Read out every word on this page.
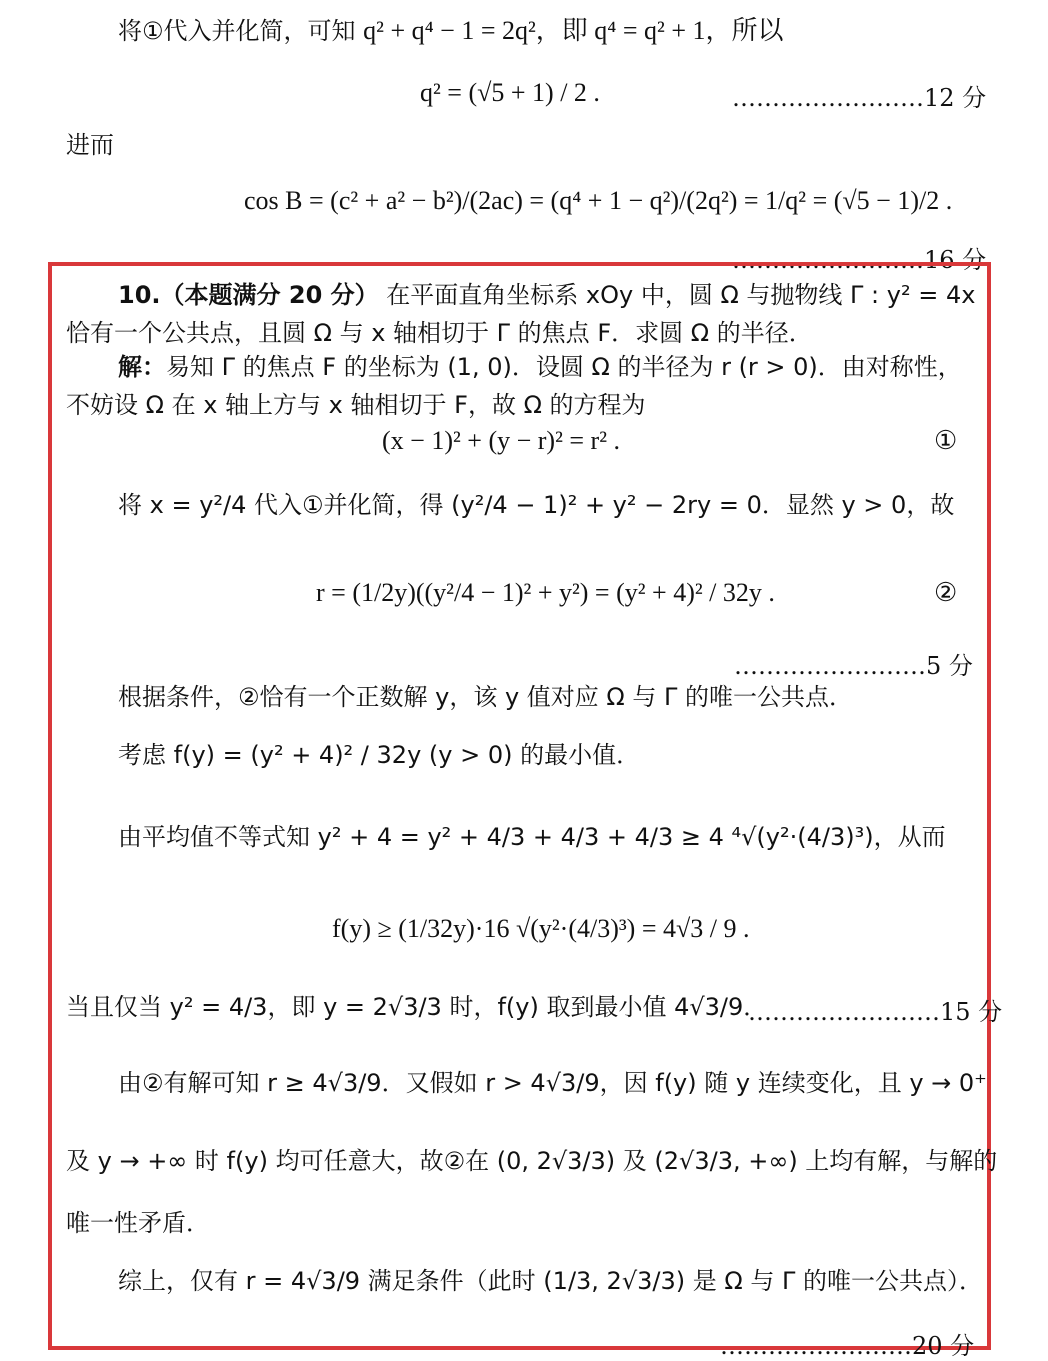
将①代入并化简，可知 q² + q⁴ − 1 = 2q²，即 q⁴ = q² + 1，所以
q² = (√5 + 1) / 2 .	……………………12 分
进而
cos B = (c² + a² − b²)/(2ac) = (q⁴ + 1 − q²)/(2q²) = 1/q² = (√5 − 1)/2 .
……………………16 分
10.（本题满分 20 分） 在平面直角坐标系 xOy 中，圆 Ω 与抛物线 Γ : y² = 4x
恰有一个公共点，且圆 Ω 与 x 轴相切于 Γ 的焦点 F．求圆 Ω 的半径．
解：易知 Γ 的焦点 F 的坐标为 (1, 0)．设圆 Ω 的半径为 r (r > 0)．由对称性，
不妨设 Ω 在 x 轴上方与 x 轴相切于 F，故 Ω 的方程为
(x − 1)² + (y − r)² = r² .	①
将 x = y²/4 代入①并化简，得 (y²/4 − 1)² + y² − 2ry = 0．显然 y > 0，故
r = (1/2y)((y²/4 − 1)² + y²) = (y² + 4)² / 32y .	②
……………………5 分
根据条件，②恰有一个正数解 y，该 y 值对应 Ω 与 Γ 的唯一公共点．
考虑 f(y) = (y² + 4)² / 32y (y > 0) 的最小值．
由平均值不等式知 y² + 4 = y² + 4/3 + 4/3 + 4/3 ≥ 4 ⁴√(y²·(4/3)³)，从而
f(y) ≥ (1/32y)·16 √(y²·(4/3)³) = 4√3 / 9 .
当且仅当 y² = 4/3，即 y = 2√3/3 时，f(y) 取到最小值 4√3/9．
……………………15 分
由②有解可知 r ≥ 4√3/9．又假如 r > 4√3/9，因 f(y) 随 y 连续变化，且 y → 0⁺
及 y → +∞ 时 f(y) 均可任意大，故②在 (0, 2√3/3) 及 (2√3/3, +∞) 上均有解，与解的
唯一性矛盾．
综上，仅有 r = 4√3/9 满足条件（此时 (1/3, 2√3/3) 是 Ω 与 Γ 的唯一公共点）．
……………………20 分
